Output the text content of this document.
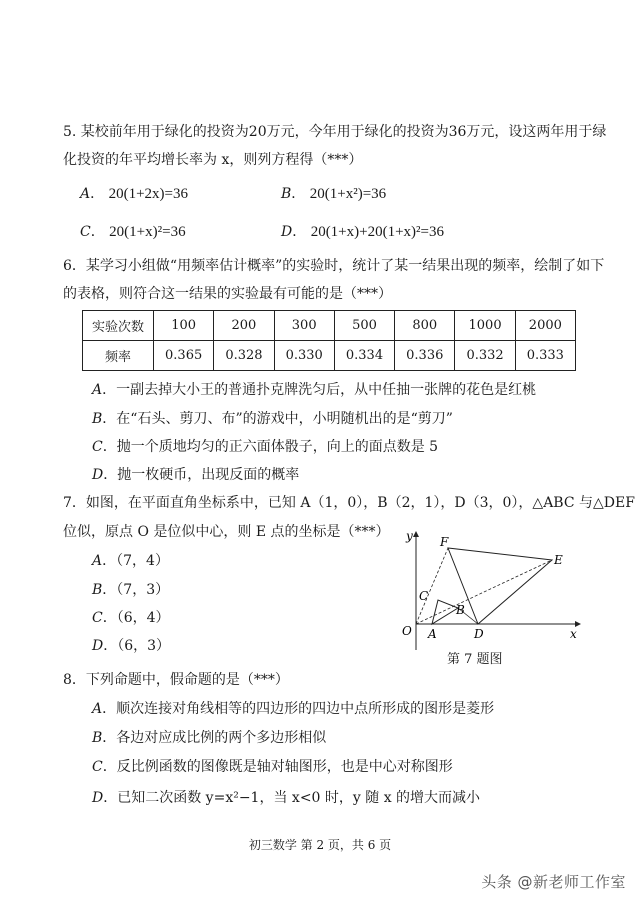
5. 某校前年用于绿化的投资为20万元，今年用于绿化的投资为36万元，设这两年用于绿
化投资的年平均增长率为 x，则列方程得（***）
A． 20(1+2x)=36	B． 20(1+x²)=36
C． 20(1+x)²=36	D． 20(1+x)+20(1+x)²=36
6．某学习小组做“用频率估计概率”的实验时，统计了某一结果出现的频率，绘制了如下
的表格，则符合这一结果的实验最有可能的是（***）
实验次数	100	200	300	500	800	1000	2000
频率	0.365	0.328	0.330	0.334	0.336	0.332	0.333
A．一副去掉大小王的普通扑克牌洗匀后，从中任抽一张牌的花色是红桃
B．在“石头、剪刀、布”的游戏中，小明随机出的是“剪刀”
C．抛一个质地均匀的正六面体骰子，向上的面点数是 5
D．抛一枚硬币，出现反面的概率
7．如图，在平面直角坐标系中，已知 A（1，0），B（2，1），D（3，0），△ABC 与△DEF
位似，原点 O 是位似中心，则 E 点的坐标是（***）
A．（7，4）
B．（7，3）
C．（6，4）
D．（6，3）
y
x
O A
B
C
D
E
F
第 7 题图
8．下列命题中，假命题的是（***）
A．顺次连接对角线相等的四边形的四边中点所形成的图形是菱形
B．各边对应成比例的两个多边形相似
C．反比例函数的图像既是轴对轴图形，也是中心对称图形
D．已知二次函数 y=x²−1，当 x<0 时，y 随 x 的增大而减小
初三数学 第 2 页，共 6 页
头条 @新老师工作室
